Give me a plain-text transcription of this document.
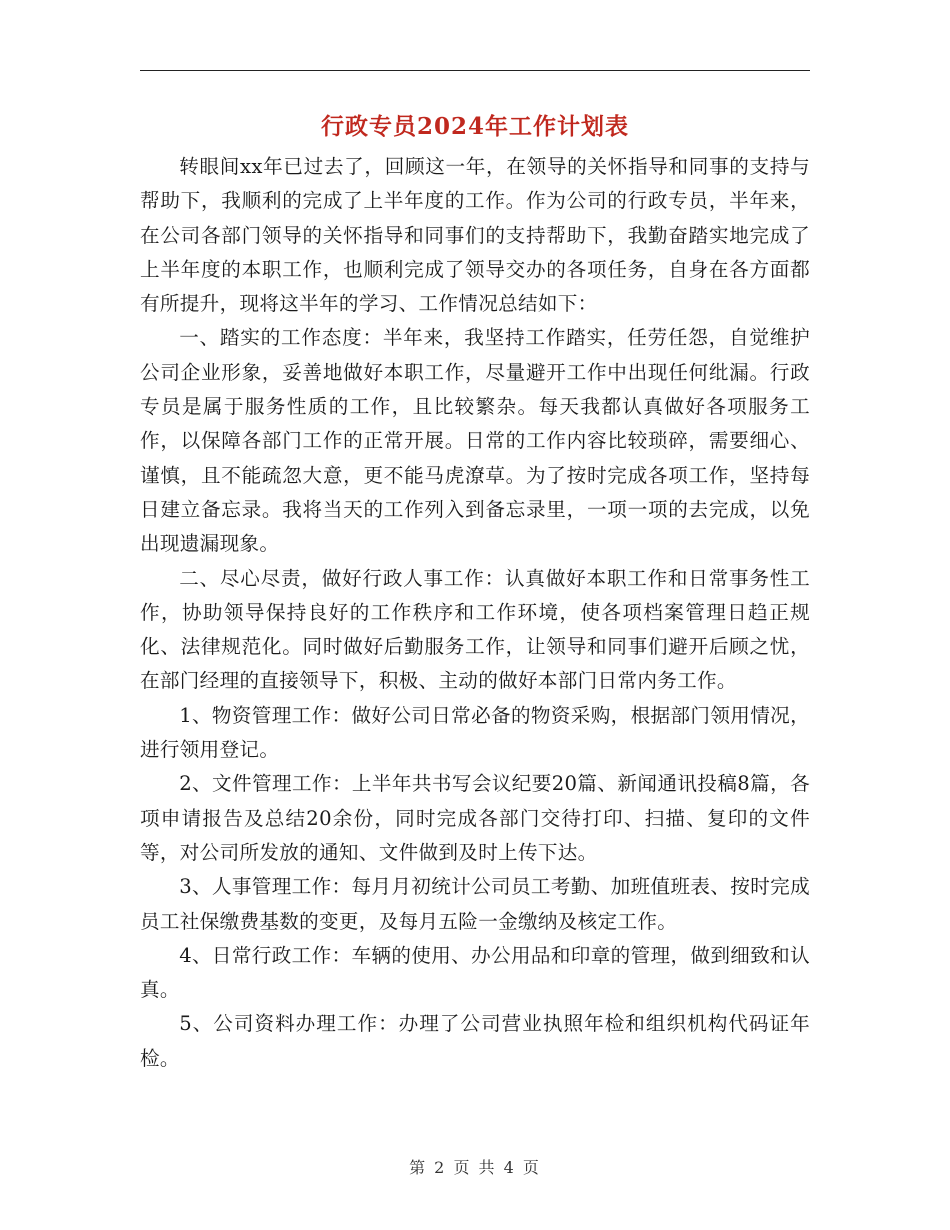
行政专员2024年工作计划表

转眼间xx年已过去了，回顾这一年，在领导的关怀指导和同事的支持与帮助下，我顺利的完成了上半年度的工作。作为公司的行政专员，半年来，在公司各部门领导的关怀指导和同事们的支持帮助下，我勤奋踏实地完成了上半年度的本职工作，也顺利完成了领导交办的各项任务，自身在各方面都有所提升，现将这半年的学习、工作情况总结如下：

一、踏实的工作态度：半年来，我坚持工作踏实，任劳任怨，自觉维护公司企业形象，妥善地做好本职工作，尽量避开工作中出现任何纰漏。行政专员是属于服务性质的工作，且比较繁杂。每天我都认真做好各项服务工作，以保障各部门工作的正常开展。日常的工作内容比较琐碎，需要细心、谨慎，且不能疏忽大意，更不能马虎潦草。为了按时完成各项工作，坚持每日建立备忘录。我将当天的工作列入到备忘录里，一项一项的去完成，以免出现遗漏现象。

二、尽心尽责，做好行政人事工作：认真做好本职工作和日常事务性工作，协助领导保持良好的工作秩序和工作环境，使各项档案管理日趋正规化、法律规范化。同时做好后勤服务工作，让领导和同事们避开后顾之忧，在部门经理的直接领导下，积极、主动的做好本部门日常内务工作。

1、物资管理工作：做好公司日常必备的物资采购，根据部门领用情况，进行领用登记。

2、文件管理工作：上半年共书写会议纪要20篇、新闻通讯投稿8篇，各项申请报告及总结20余份，同时完成各部门交待打印、扫描、复印的文件等，对公司所发放的通知、文件做到及时上传下达。

3、人事管理工作：每月月初统计公司员工考勤、加班值班表、按时完成员工社保缴费基数的变更，及每月五险一金缴纳及核定工作。

4、日常行政工作：车辆的使用、办公用品和印章的管理，做到细致和认真。

5、公司资料办理工作：办理了公司营业执照年检和组织机构代码证年检。

第 2 页 共 4 页
